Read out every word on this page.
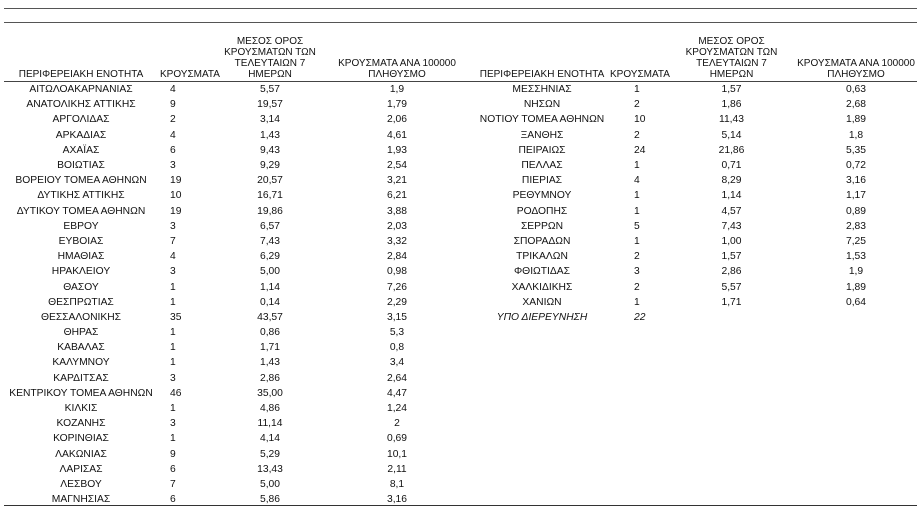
ΠΕΡΙΦΕΡΕΙΑΚΗ ΕΝΟΤΗΤΑ	ΚΡΟΥΣΜΑΤΑ	ΜΕΣΟΣ ΟΡΟΣ ΚΡΟΥΣΜΑΤΩΝ ΤΩΝ ΤΕΛΕΥΤΑΙΩΝ 7 ΗΜΕΡΩΝ	ΚΡΟΥΣΜΑΤΑ ΑΝΑ 100000 ΠΛΗΘΥΣΜΟ
ΑΙΤΩΛΟΑΚΑΡΝΑΝΙΑΣ	4	5,57	1,9
ΑΝΑΤΟΛΙΚΗΣ ΑΤΤΙΚΗΣ	9	19,57	1,79
ΑΡΓΟΛΙΔΑΣ	2	3,14	2,06
ΑΡΚΑΔΙΑΣ	4	1,43	4,61
ΑΧΑΪΑΣ	6	9,43	1,93
ΒΟΙΩΤΙΑΣ	3	9,29	2,54
ΒΟΡΕΙΟΥ ΤΟΜΕΑ ΑΘΗΝΩΝ	19	20,57	3,21
ΔΥΤΙΚΗΣ ΑΤΤΙΚΗΣ	10	16,71	6,21
ΔΥΤΙΚΟΥ ΤΟΜΕΑ ΑΘΗΝΩΝ	19	19,86	3,88
ΕΒΡΟΥ	3	6,57	2,03
ΕΥΒΟΙΑΣ	7	7,43	3,32
ΗΜΑΘΙΑΣ	4	6,29	2,84
ΗΡΑΚΛΕΙΟΥ	3	5,00	0,98
ΘΑΣΟΥ	1	1,14	7,26
ΘΕΣΠΡΩΤΙΑΣ	1	0,14	2,29
ΘΕΣΣΑΛΟΝΙΚΗΣ	35	43,57	3,15
ΘΗΡΑΣ	1	0,86	5,3
ΚΑΒΑΛΑΣ	1	1,71	0,8
ΚΑΛΥΜΝΟΥ	1	1,43	3,4
ΚΑΡΔΙΤΣΑΣ	3	2,86	2,64
ΚΕΝΤΡΙΚΟΥ ΤΟΜΕΑ ΑΘΗΝΩΝ	46	35,00	4,47
ΚΙΛΚΙΣ	1	4,86	1,24
ΚΟΖΑΝΗΣ	3	11,14	2
ΚΟΡΙΝΘΙΑΣ	1	4,14	0,69
ΛΑΚΩΝΙΑΣ	9	5,29	10,1
ΛΑΡΙΣΑΣ	6	13,43	2,11
ΛΕΣΒΟΥ	7	5,00	8,1
ΜΑΓΝΗΣΙΑΣ	6	5,86	3,16
ΠΕΡΙΦΕΡΕΙΑΚΗ ΕΝΟΤΗΤΑ	ΚΡΟΥΣΜΑΤΑ	ΜΕΣΟΣ ΟΡΟΣ ΚΡΟΥΣΜΑΤΩΝ ΤΩΝ ΤΕΛΕΥΤΑΙΩΝ 7 ΗΜΕΡΩΝ	ΚΡΟΥΣΜΑΤΑ ΑΝΑ 100000 ΠΛΗΘΥΣΜΟ
ΜΕΣΣΗΝΙΑΣ	1	1,57	0,63
ΝΗΣΩΝ	2	1,86	2,68
ΝΟΤΙΟΥ ΤΟΜΕΑ ΑΘΗΝΩΝ	10	11,43	1,89
ΞΑΝΘΗΣ	2	5,14	1,8
ΠΕΙΡΑΙΩΣ	24	21,86	5,35
ΠΕΛΛΑΣ	1	0,71	0,72
ΠΙΕΡΙΑΣ	4	8,29	3,16
ΡΕΘΥΜΝΟΥ	1	1,14	1,17
ΡΟΔΟΠΗΣ	1	4,57	0,89
ΣΕΡΡΩΝ	5	7,43	2,83
ΣΠΟΡΑΔΩΝ	1	1,00	7,25
ΤΡΙΚΑΛΩΝ	2	1,57	1,53
ΦΘΙΩΤΙΔΑΣ	3	2,86	1,9
ΧΑΛΚΙΔΙΚΗΣ	2	5,57	1,89
ΧΑΝΙΩΝ	1	1,71	0,64
ΥΠΟ ΔΙΕΡΕΥΝΗΣΗ	22		
